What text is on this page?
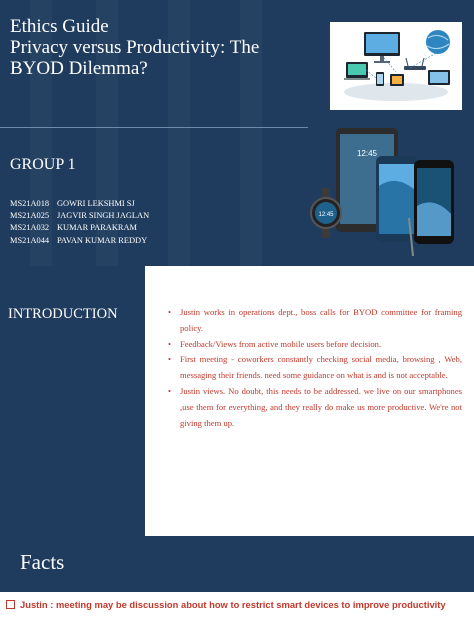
Ethics Guide
Privacy versus Productivity: The
BYOD Dilemma?
GROUP 1
MS21A018 GOWRI LEKSHMI SJ
MS21A025 JAGVIR SINGH JAGLAN
MS21A032 KUMAR PARAKRAM
MS21A044 PAVAN KUMAR REDDY
12:45
12:45
INTRODUCTION	• Justin works in operations dept., boss calls for BYOD committee for framing policy.
• Feedback/Views from active mobile users before decision.
• First meeting - coworkers constantly checking social media, browsing , Web, messaging their friends. need some guidance on what is and is not acceptable.
• Justin views. No doubt, this needs to be addressed. we live on our smartphones ,use them for everything, and they really do make us more productive. We're not giving them up.
Facts
Justin : meeting may be discussion about how to restrict smart devices to improve productivity
